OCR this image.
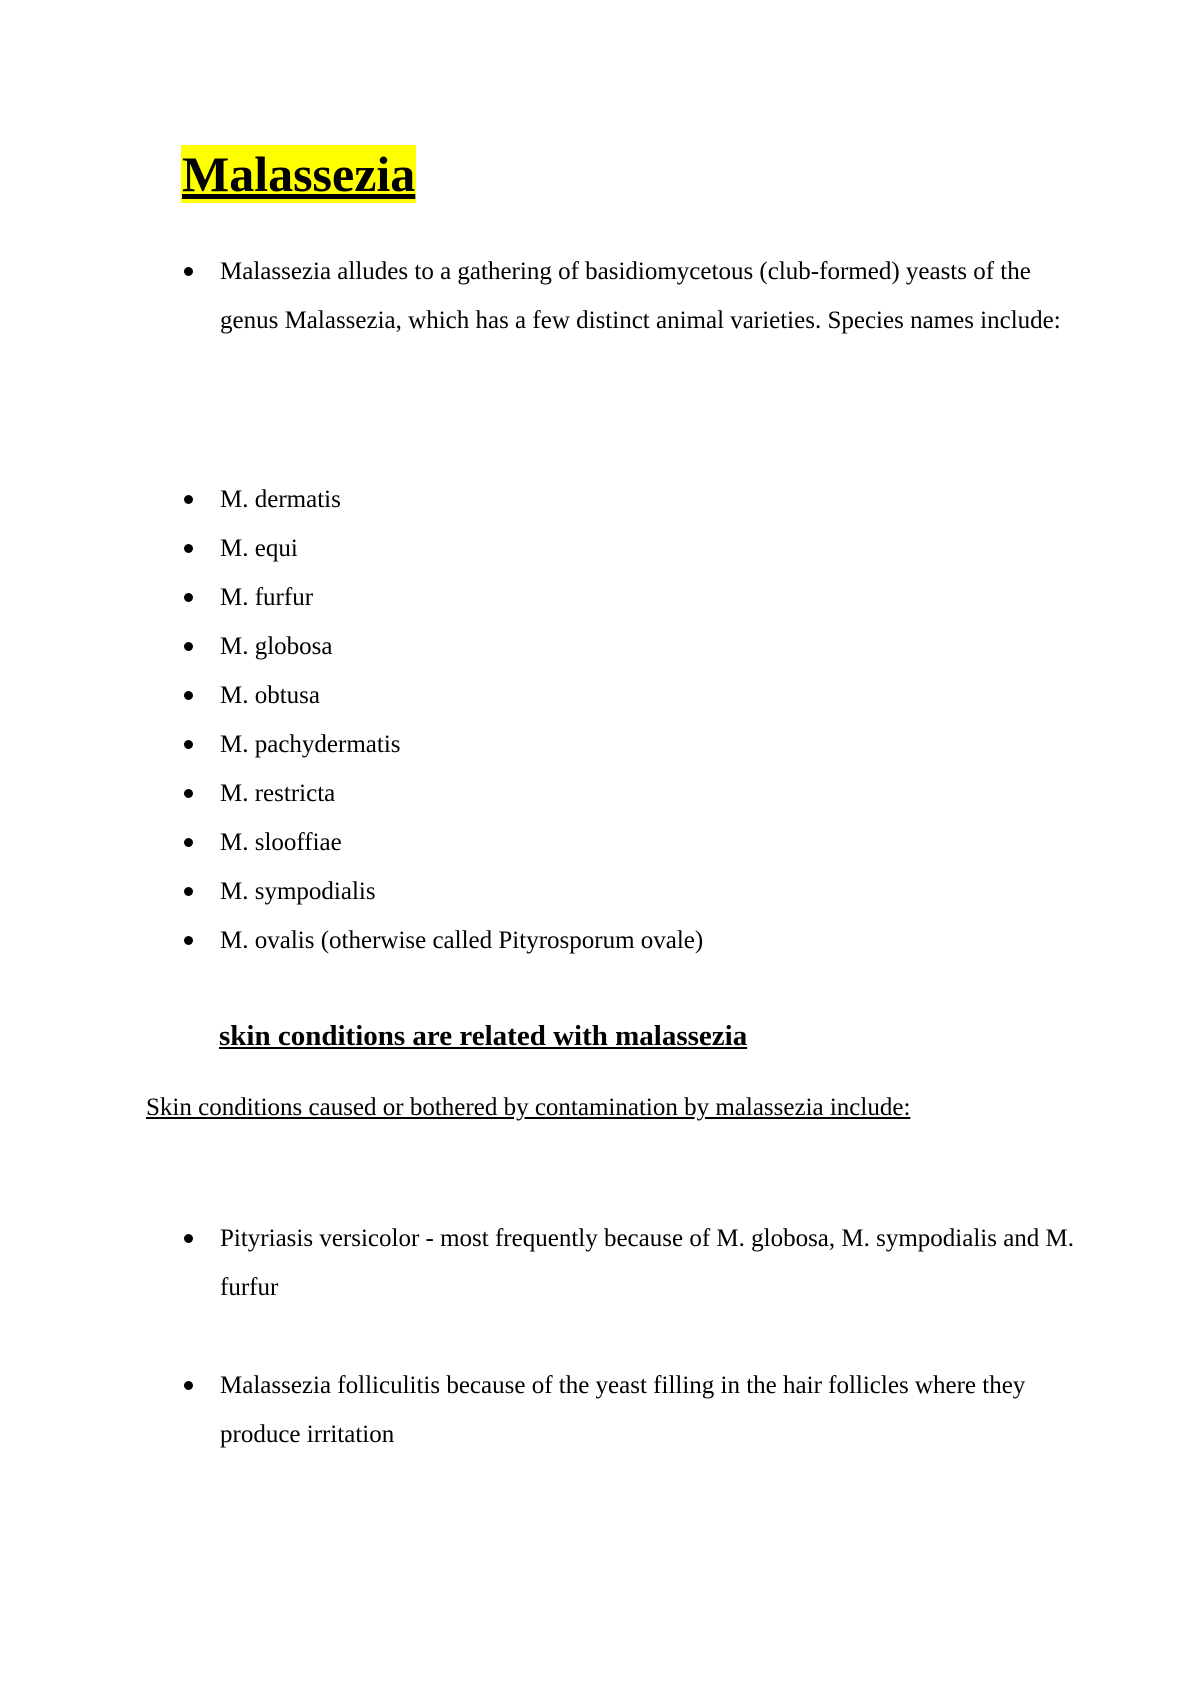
Malassezia
Malassezia alludes to a gathering of basidiomycetous (club-formed) yeasts of the genus Malassezia, which has a few distinct animal varieties. Species names include:
M. dermatis
M. equi
M. furfur
M. globosa
M. obtusa
M. pachydermatis
M. restricta
M. slooffiae
M. sympodialis
M. ovalis (otherwise called Pityrosporum ovale)
skin conditions are related with malassezia

Skin conditions caused or bothered by contamination by malassezia include:

Pityriasis versicolor - most frequently because of M. globosa, M. sympodialis and M. furfur
Malassezia folliculitis because of the yeast filling in the hair follicles where they produce irritation
